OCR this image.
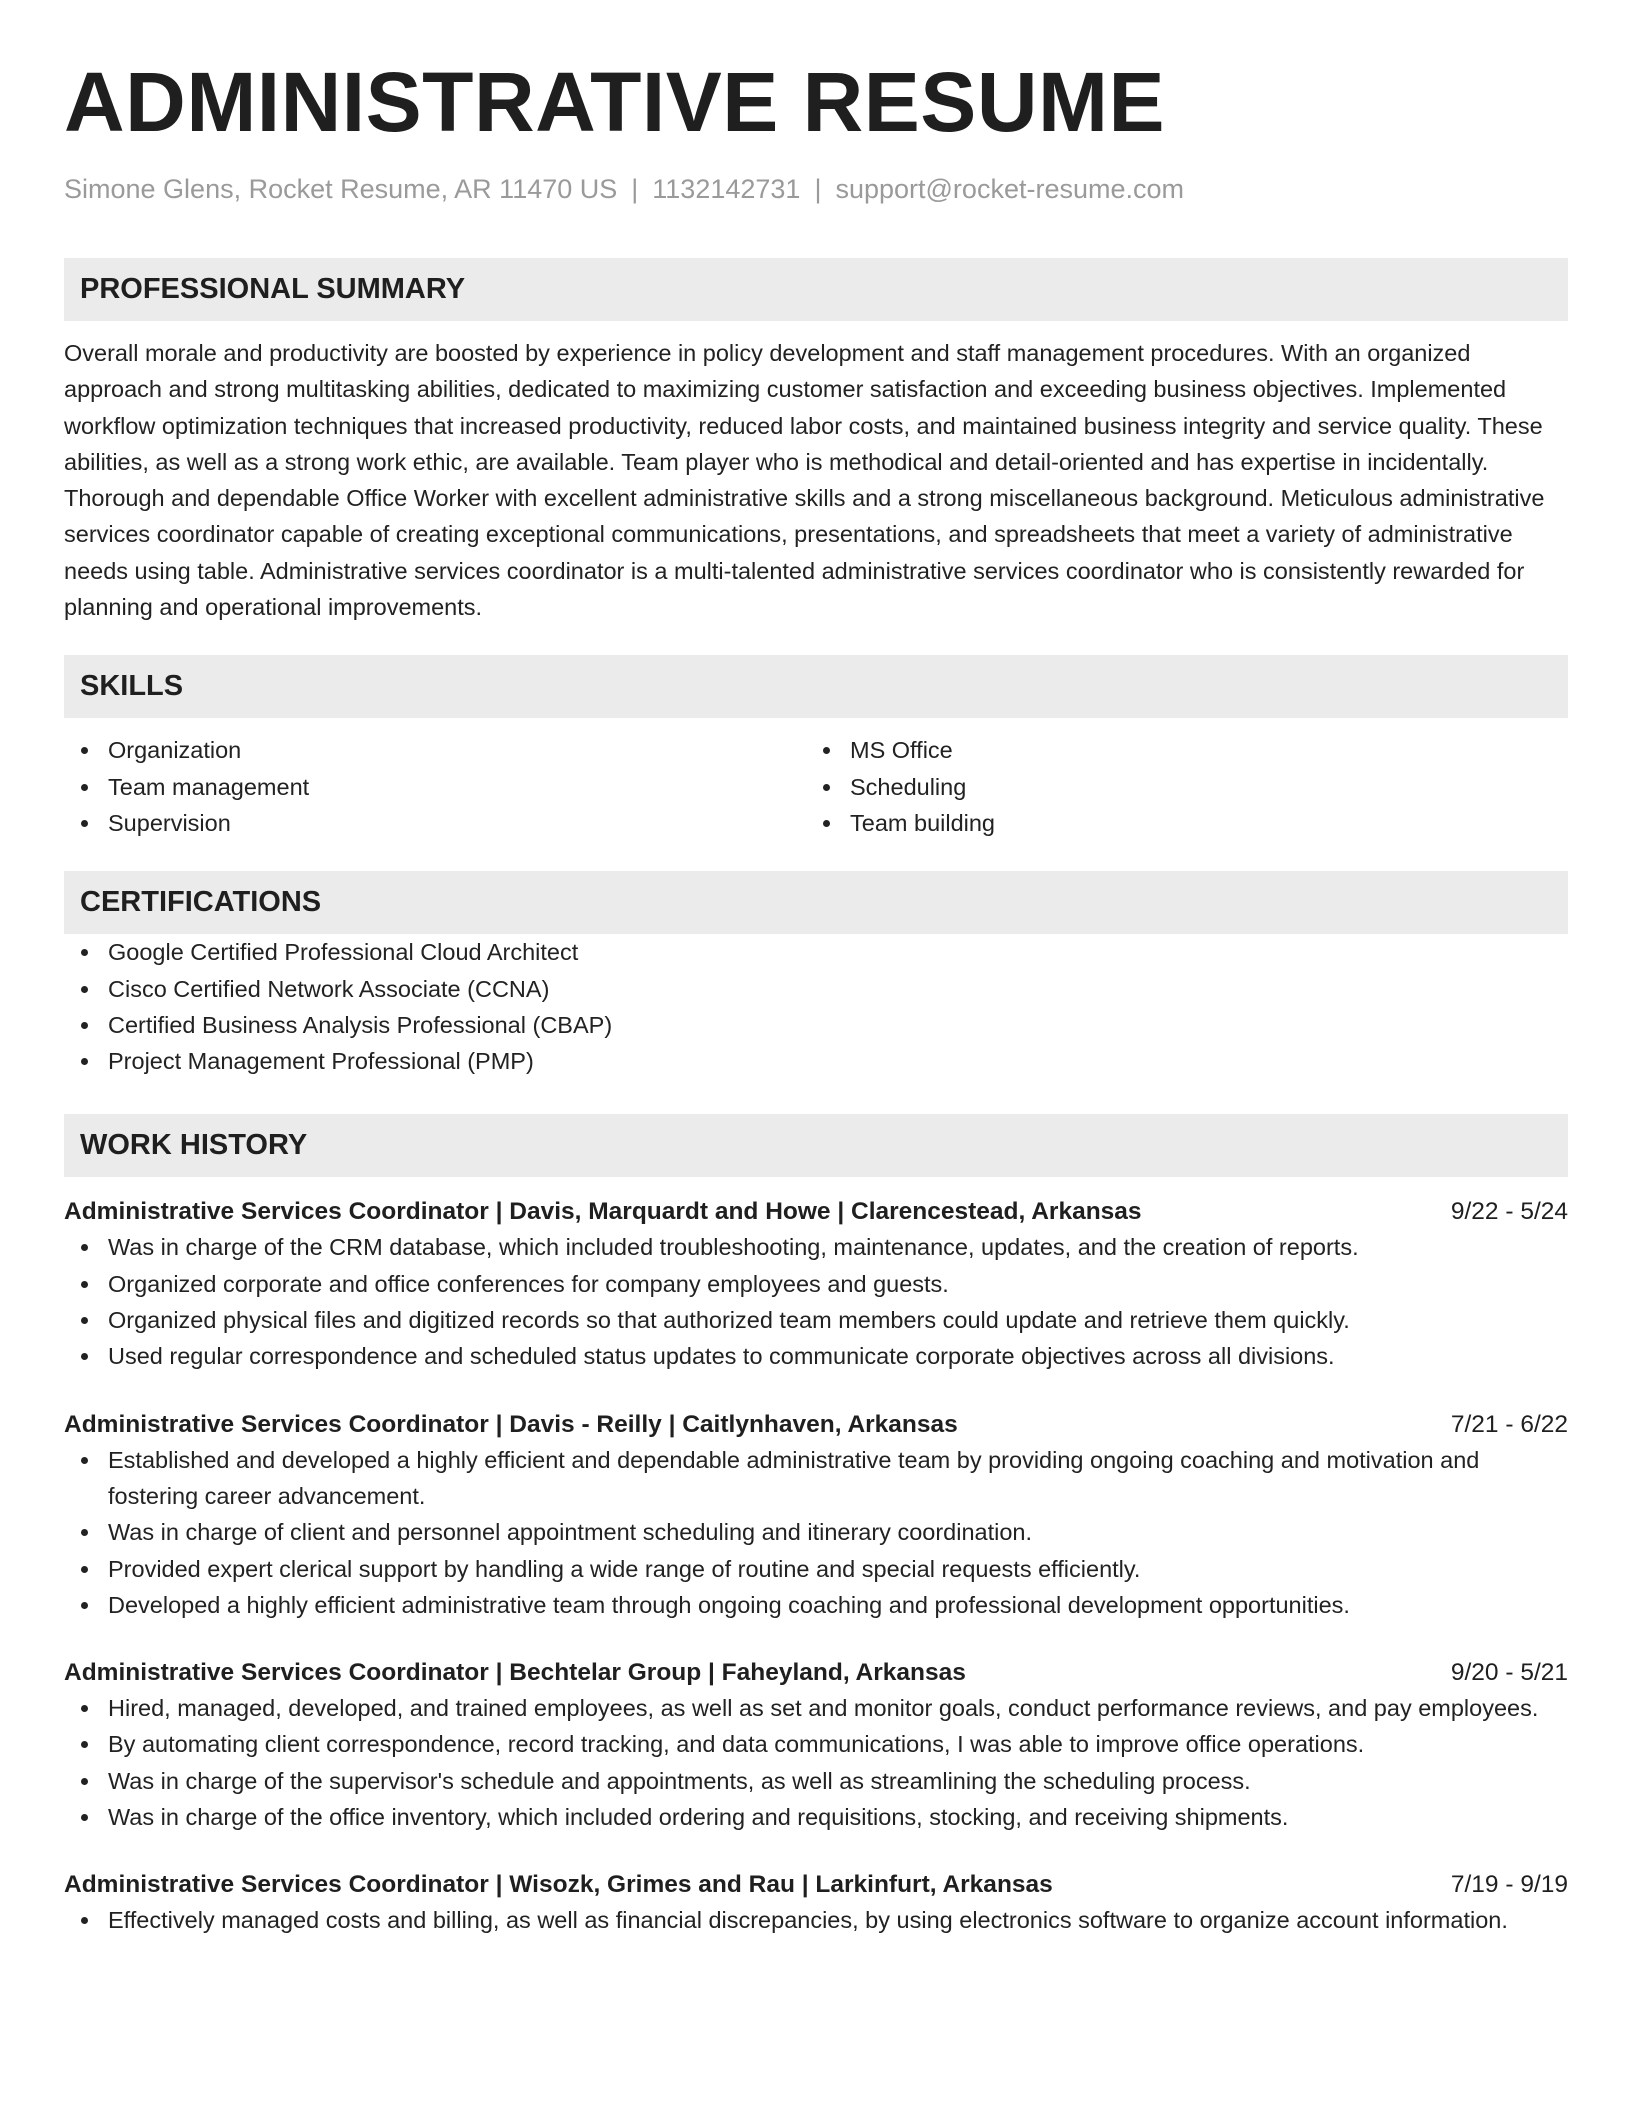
ADMINISTRATIVE RESUME
Simone Glens, Rocket Resume, AR 11470 US | 1132142731 | support@rocket-resume.com
PROFESSIONAL SUMMARY
Overall morale and productivity are boosted by experience in policy development and staff management procedures. With an organized approach and strong multitasking abilities, dedicated to maximizing customer satisfaction and exceeding business objectives. Implemented workflow optimization techniques that increased productivity, reduced labor costs, and maintained business integrity and service quality. These abilities, as well as a strong work ethic, are available. Team player who is methodical and detail-oriented and has expertise in incidentally. Thorough and dependable Office Worker with excellent administrative skills and a strong miscellaneous background. Meticulous administrative services coordinator capable of creating exceptional communications, presentations, and spreadsheets that meet a variety of administrative needs using table. Administrative services coordinator is a multi-talented administrative services coordinator who is consistently rewarded for planning and operational improvements.
SKILLS
Organization
Team management
Supervision
MS Office
Scheduling
Team building
CERTIFICATIONS
Google Certified Professional Cloud Architect
Cisco Certified Network Associate (CCNA)
Certified Business Analysis Professional (CBAP)
Project Management Professional (PMP)
WORK HISTORY
Administrative Services Coordinator | Davis, Marquardt and Howe | Clarencestead, Arkansas	9/22 - 5/24
Was in charge of the CRM database, which included troubleshooting, maintenance, updates, and the creation of reports.
Organized corporate and office conferences for company employees and guests.
Organized physical files and digitized records so that authorized team members could update and retrieve them quickly.
Used regular correspondence and scheduled status updates to communicate corporate objectives across all divisions.
Administrative Services Coordinator | Davis - Reilly | Caitlynhaven, Arkansas	7/21 - 6/22
Established and developed a highly efficient and dependable administrative team by providing ongoing coaching and motivation and fostering career advancement.
Was in charge of client and personnel appointment scheduling and itinerary coordination.
Provided expert clerical support by handling a wide range of routine and special requests efficiently.
Developed a highly efficient administrative team through ongoing coaching and professional development opportunities.
Administrative Services Coordinator | Bechtelar Group | Faheyland, Arkansas	9/20 - 5/21
Hired, managed, developed, and trained employees, as well as set and monitor goals, conduct performance reviews, and pay employees.
By automating client correspondence, record tracking, and data communications, I was able to improve office operations.
Was in charge of the supervisor's schedule and appointments, as well as streamlining the scheduling process.
Was in charge of the office inventory, which included ordering and requisitions, stocking, and receiving shipments.
Administrative Services Coordinator | Wisozk, Grimes and Rau | Larkinfurt, Arkansas	7/19 - 9/19
Effectively managed costs and billing, as well as financial discrepancies, by using electronics software to organize account information.
